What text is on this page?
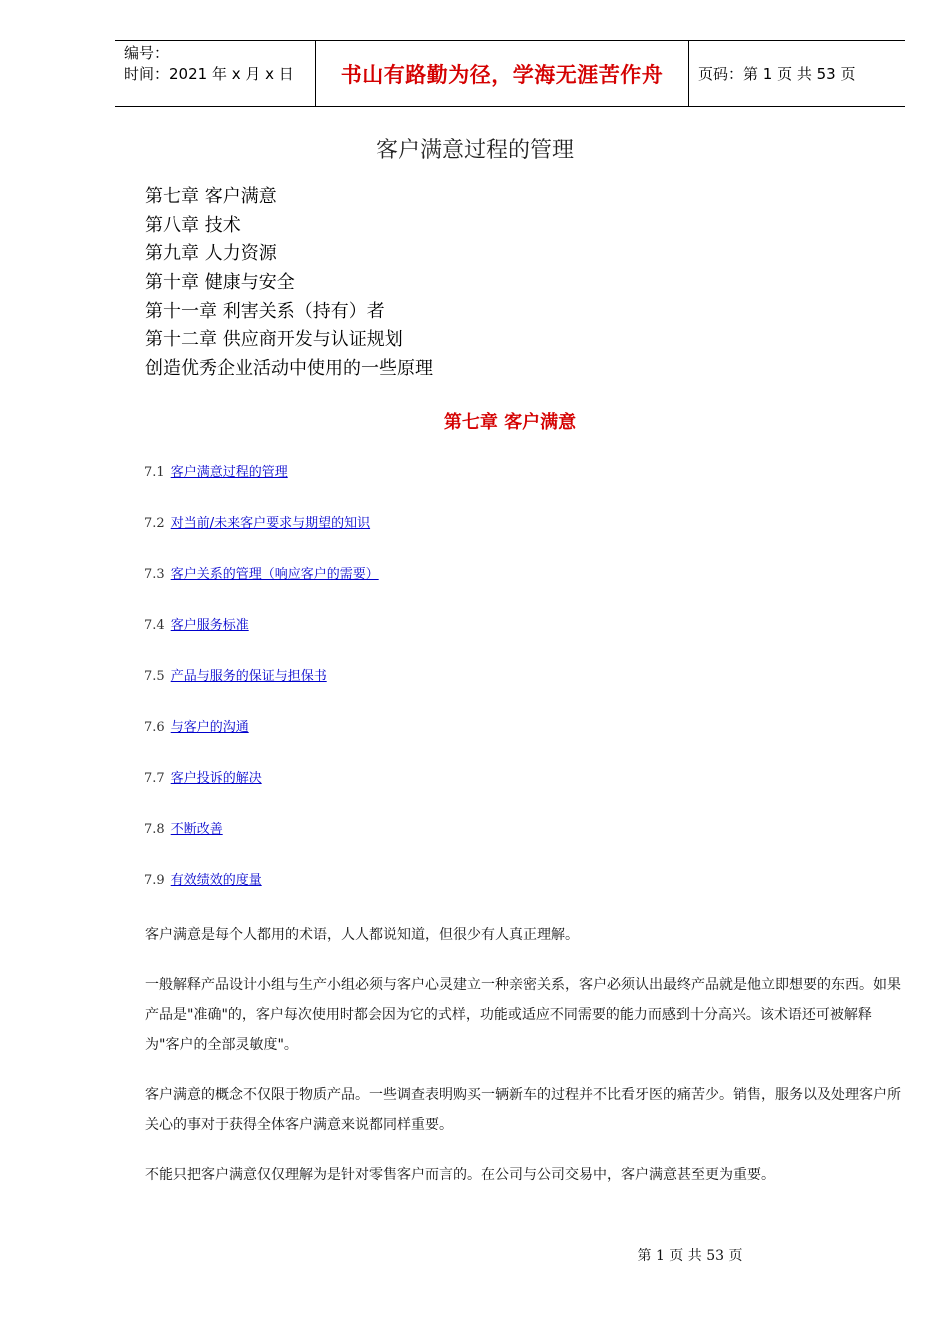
编号：
时间：2021 年 x 月 x 日	书山有路勤为径，学海无涯苦作舟	页码：第 1 页 共 53 页
客户满意过程的管理
第七章 客户满意
第八章 技术
第九章 人力资源
第十章 健康与安全
第十一章 利害关系（持有）者
第十二章 供应商开发与认证规划
创造优秀企业活动中使用的一些原理
第七章 客户满意
7.1 客户满意过程的管理
7.2 对当前/未来客户要求与期望的知识
7.3 客户关系的管理（响应客户的需要）
7.4 客户服务标准
7.5 产品与服务的保证与担保书
7.6 与客户的沟通
7.7 客户投诉的解决
7.8 不断改善
7.9 有效绩效的度量

客户满意是每个人都用的术语，人人都说知道，但很少有人真正理解。

一般解释产品设计小组与生产小组必须与客户心灵建立一种亲密关系，客户必须认出最终产品就是他立即想要的东西。如果产品是"准确"的，客户每次使用时都会因为它的式样，功能或适应不同需要的能力而感到十分高兴。该术语还可被解释为"客户的全部灵敏度"。

客户满意的概念不仅限于物质产品。一些调查表明购买一辆新车的过程并不比看牙医的痛苦少。销售，服务以及处理客户所关心的事对于获得全体客户满意来说都同样重要。

不能只把客户满意仅仅理解为是针对零售客户而言的。在公司与公司交易中，客户满意甚至更为重要。

第 1 页 共 53 页
